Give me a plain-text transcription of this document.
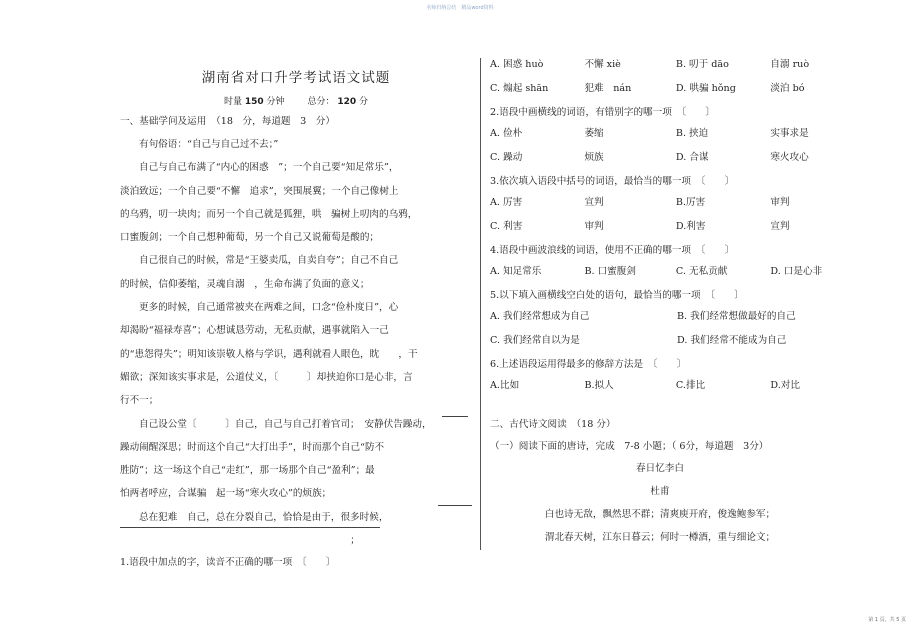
名师归纳总结　精品word资料
湖南省对口升学考试语文试题
时量 150 分钟	总分： 120 分
一、基础学问及运用　（18　分，每道题　3　分）
有句俗语：“自己与自己过不去；”
自己与自己布满了“内心的困惑　”；一个自己要“知足常乐”，
淡泊致远；一个自己要“不懈　追求”，突围展翼；一个自己像树上
的乌鸦，叨一块肉；而另一个自己就是狐狸，哄　骗树上叨肉的乌鸦，
口蜜腹剑；一个自己想种葡萄，另一个自己又说葡萄是酸的；
自己很自己的时候，常是“王婆卖瓜，自卖自夸”；自己不自己
的时候，信仰萎缩，灵魂自溺　，生命布满了负面的意义；
更多的时候，自己通常被夹在两难之间，口念“俭朴度日”，心
却渴盼“福禄寿喜”；心想诚恳劳动，无私贡献，遇事就陷入一己
的“患怨得失”；明知该崇敬人格与学识，遇利就看人眼色，眈　　，干
媚欲；深知该实事求是，公道仗义，〔　　　〕却挟迫你口是心非，言
行不一；
自己设公堂〔　　　〕自己，自己与自己打着官司；　安静伏告躁动，
躁动闹醒深思；时而这个自己“大打出手”，时而那个自己“防不
胜防”；这一场这个自己“走红”，那一场那个自己“盈利”；最
怕两者呼应，合谋骗　起一场“寒火攻心”的烦族；
总在犯难　自己，总在分裂自己，恰恰是由于，很多时候，
　　　　　　　　　　　　　　　　　　　　　　　　；
1.语段中加点的字，读音不正确的哪一项　〔　　〕
A. 困惑 huò	不懈 xiè	B. 叨于 dāo	自溺 ruò
C. 煽起 shān	犯难　nán	D. 哄骗 hǒng	淡泊 bó
2.语段中画横线的词语，有错别字的哪一项　〔　　〕
A. 俭朴	萎缩	B. 挟迫	实事求是
C. 躁动	烦族	D. 合谋	寒火攻心
3.依次填入语段中括号的词语，最恰当的哪一项　〔　　〕
A. 厉害	宣判	B.厉害	审判
C. 利害	审判	D.利害	宣判
4.语段中画波浪线的词语，使用不正确的哪一项　〔　　〕
A. 知足常乐	B. 口蜜腹剑	C. 无私贡献	D. 口是心非
5.以下填入画横线空白处的语句，最恰当的哪一项　〔　　〕
A. 我们经常想成为自己	B. 我们经常想做最好的自己
C. 我们经常自以为是	D. 我们经常不能成为自己
6.上述语段运用得最多的修辞方法是　〔　　〕
A.比如	B.拟人	C.排比	D.对比
二、古代诗文阅读　（18 分）
（一）阅读下面的唐诗，完成　7-8 小题；（ 6分，每道题　3分）
春日忆李白
杜甫
白也诗无敌，飘然思不群；清爽庾开府，俊逸鲍参军；
渭北春天树，江东日暮云；何时一樽酒，重与细论文；
第 1 页，共 5 页
